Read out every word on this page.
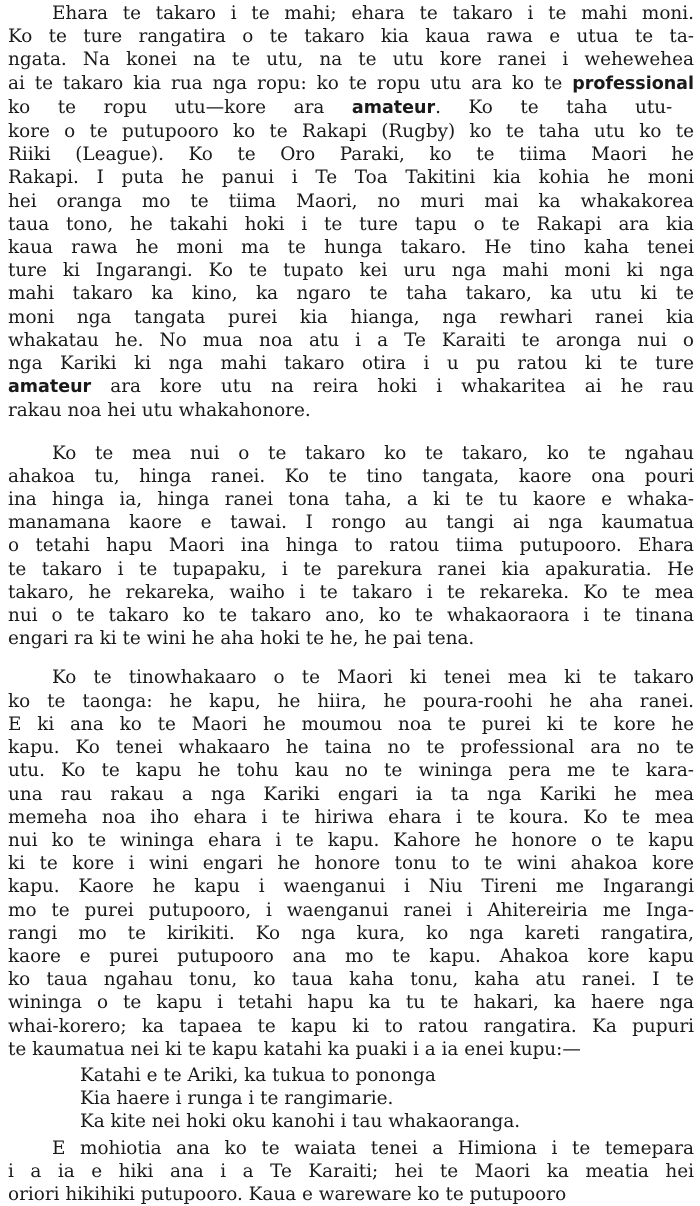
Ehara te takaro i te mahi; ehara te takaro i te mahi moni.
Ko te ture rangatira o te takaro kia kaua rawa e utua te ta-
ngata. Na konei na te utu, na te utu kore ranei i wehewehea
ai te takaro kia rua nga ropu: ko te ropu utu ara ko te professional
ko te ropu utu—kore ara amateur. Ko te taha utu-
kore o te putupooro ko te Rakapi (Rugby) ko te taha utu ko te
Riiki (League). Ko te Oro Paraki, ko te tiima Maori he
Rakapi. I puta he panui i Te Toa Takitini kia kohia he moni
hei oranga mo te tiima Maori, no muri mai ka whakakorea
taua tono, he takahi hoki i te ture tapu o te Rakapi ara kia
kaua rawa he moni ma te hunga takaro. He tino kaha tenei
ture ki Ingarangi. Ko te tupato kei uru nga mahi moni ki nga
mahi takaro ka kino, ka ngaro te taha takaro, ka utu ki te
moni nga tangata purei kia hianga, nga rewhari ranei kia
whakatau he. No mua noa atu i a Te Karaiti te aronga nui o
nga Kariki ki nga mahi takaro otira i u pu ratou ki te ture
amateur ara kore utu na reira hoki i whakaritea ai he rau
rakau noa hei utu whakahonore.

Ko te mea nui o te takaro ko te takaro, ko te ngahau
ahakoa tu, hinga ranei. Ko te tino tangata, kaore ona pouri
ina hinga ia, hinga ranei tona taha, a ki te tu kaore e whaka-
manamana kaore e tawai. I rongo au tangi ai nga kaumatua
o tetahi hapu Maori ina hinga to ratou tiima putupooro. Ehara
te takaro i te tupapaku, i te parekura ranei kia apakuratia. He
takaro, he rekareka, waiho i te takaro i te rekareka. Ko te mea
nui o te takaro ko te takaro ano, ko te whakaoraora i te tinana
engari ra ki te wini he aha hoki te he, he pai tena.

Ko te tinowhakaaro o te Maori ki tenei mea ki te takaro
ko te taonga: he kapu, he hiira, he poura-roohi he aha ranei.
E ki ana ko te Maori he moumou noa te purei ki te kore he
kapu. Ko tenei whakaaro he taina no te professional ara no te
utu. Ko te kapu he tohu kau no te wininga pera me te kara-
una rau rakau a nga Kariki engari ia ta nga Kariki he mea
memeha noa iho ehara i te hiriwa ehara i te koura. Ko te mea
nui ko te wininga ehara i te kapu. Kahore he honore o te kapu
ki te kore i wini engari he honore tonu to te wini ahakoa kore
kapu. Kaore he kapu i waenganui i Niu Tireni me Ingarangi
mo te purei putupooro, i waenganui ranei i Ahitereiria me Inga-
rangi mo te kirikiti. Ko nga kura, ko nga kareti rangatira,
kaore e purei putupooro ana mo te kapu. Ahakoa kore kapu
ko taua ngahau tonu, ko taua kaha tonu, kaha atu ranei. I te
wininga o te kapu i tetahi hapu ka tu te hakari, ka haere nga
whai-korero; ka tapaea te kapu ki to ratou rangatira. Ka pupuri
te kaumatua nei ki te kapu katahi ka puaki i a ia enei kupu:—

Katahi e te Ariki, ka tukua to pononga
Kia haere i runga i te rangimarie.
Ka kite nei hoki oku kanohi i tau whakaoranga.

E mohiotia ana ko te waiata tenei a Himiona i te temepara
i a ia e hiki ana i a Te Karaiti; hei te Maori ka meatia hei
oriori hikihiki putupooro. Kaua e wareware ko te putupooro
